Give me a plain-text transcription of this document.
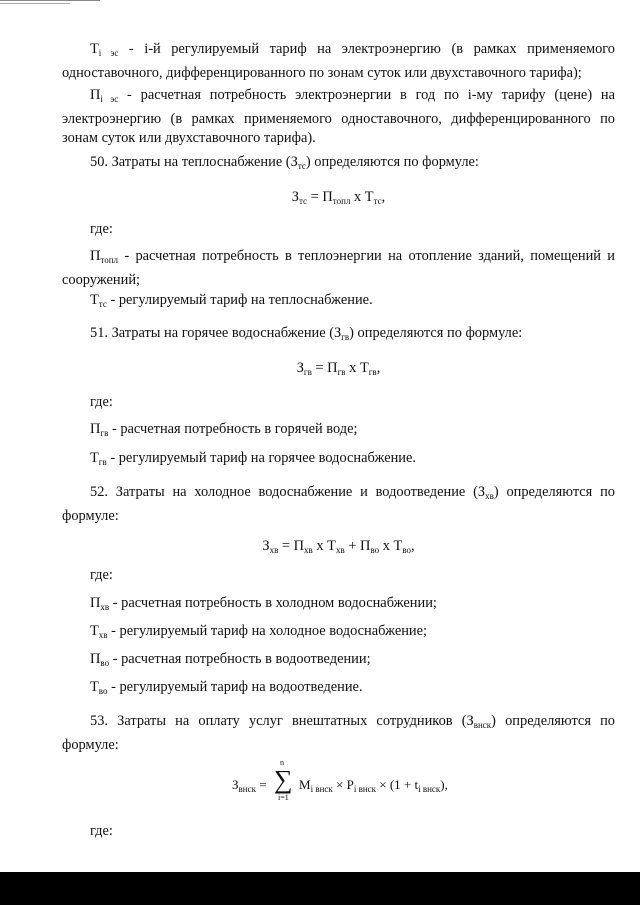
$T_{i эс} - i-й$ регулируемый тариф на электроэнергию (в рамках применяемого одноставочного, дифференцированного по зонам суток или двухставочного тарифа);
$П_{i эс}$ - расчетная потребность электроэнергии в год по i-му тарифу (цене) на электроэнергию (в рамках применяемого одноставочного, дифференцированного по зонам суток или двухставочного тарифа).
50. Затраты на теплоснабжение $(З_{тс})$ определяются по формуле:
$З_{тс} = П_{топл}$ x $Т_{тс}$,
где:
$П_{топл}$ - расчетная потребность в теплоэнергии на отопление зданий, помещений и сооружений;
$Т_{тс}$ - регулируемый тариф на теплоснабжение.
51. Затраты на горячее водоснабжение $(З_{гв})$ определяются по формуле:
$З_{гв} = П_{гв}$ x $Т_{гв}$,
где:
$П_{гв}$ - расчетная потребность в горячей воде;
$Т_{гв}$ - регулируемый тариф на горячее водоснабжение.
52. Затраты на холодное водоснабжение и водоотведение $(З_{хв})$ определяются по формуле:
$З_{хв} = П_{хв}$ x $Т_{хв} + П_{во}$ x $Т_{во}$,
где:
$П_{хв}$ - расчетная потребность в холодном водоснабжении;
$Т_{хв}$ - регулируемый тариф на холодное водоснабжение;
$П_{во}$ - расчетная потребность в водоотведении;
$Т_{во}$ - регулируемый тариф на водоотведение.
53. Затраты на оплату услуг внештатных сотрудников $(З_{внск})$ определяются по формуле:
$З_{внск}$ =
n
∑
i=1
$M_{i внск} \times P_{i внск} \times (1 + t_{i внск})$,
где:
